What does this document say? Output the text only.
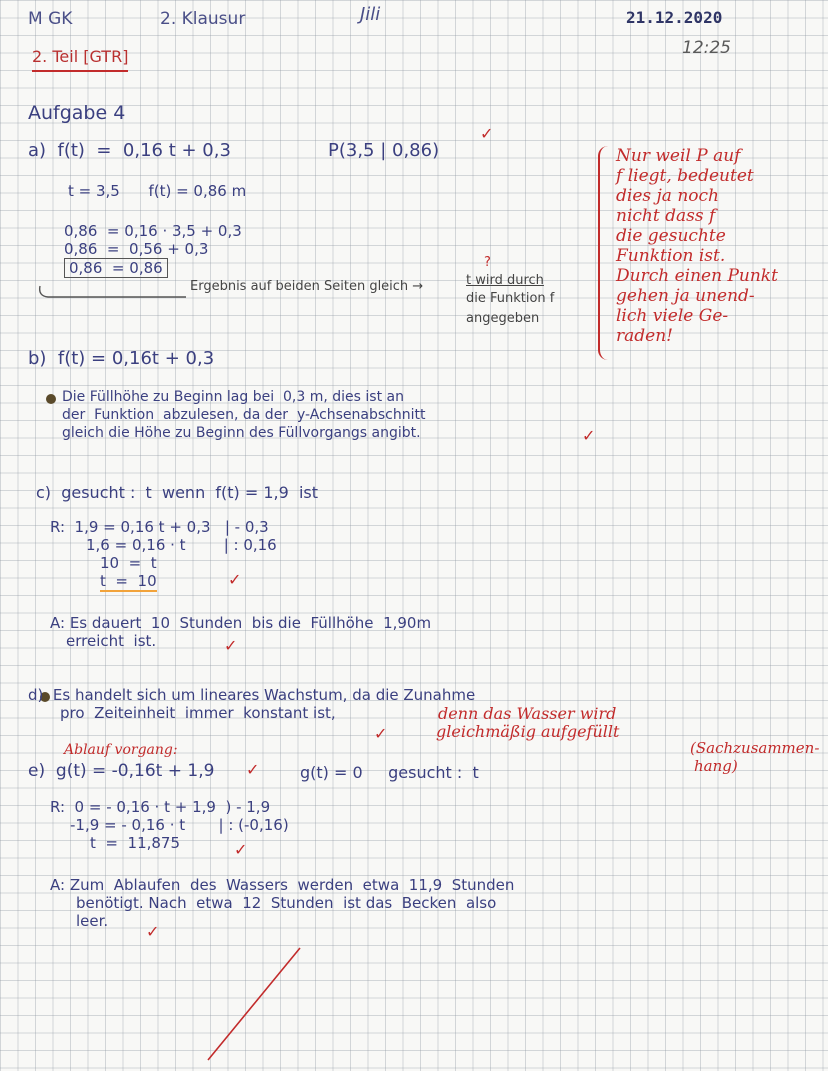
M GK	2. Klausur	Jili	21.12.2020
12:25
2. Teil [GTR]
Aufgabe 4
a)  f(t)  =  0,16 t + 0,3	P(3,5 | 0,86)
✓
t = 3,5      f(t) = 0,86 m
0,86  = 0,16 · 3,5 + 0,3
0,86  =  0,56 + 0,3
0,86  = 0,86
Ergebnis auf beiden Seiten gleich →	t wird durch
die Funktion f
angegeben
?
Nur weil P auf
f liegt, bedeutet
dies ja noch
nicht dass f
die gesuchte
Funktion ist.
Durch einen Punkt
gehen ja unend-
lich viele Ge-
raden!
b)  f(t) = 0,16t + 0,3
Die Füllhöhe zu Beginn lag bei  0,3 m, dies ist an
der  Funktion  abzulesen, da der  y-Achsenabschnitt
gleich die Höhe zu Beginn des Füllvorgangs angibt.	✓
c)  gesucht :  t  wenn  f(t) = 1,9  ist
R:  1,9 = 0,16 t + 0,3   | - 0,3
1,6 = 0,16 · t        | : 0,16
10  =  t
t  =  10	✓
A: Es dauert  10  Stunden  bis die  Füllhöhe  1,90m
erreicht  ist.	✓
d)  Es handelt sich um lineares Wachstum, da die Zunahme
pro  Zeiteinheit  immer  konstant ist,
✓
denn das Wasser wird
gleichmäßig aufgefüllt
(Sachzusammen-
hang)
Ablauf vorgang:
e)  g(t) = -0,16t + 1,9 ✓	g(t) = 0     gesucht :  t
R:  0 = - 0,16 · t + 1,9  ) - 1,9
-1,9 = - 0,16 · t       | : (-0,16)
t  =  11,875	✓
A: Zum  Ablaufen  des  Wassers  werden  etwa  11,9  Stunden
benötigt. Nach  etwa  12  Stunden  ist das  Becken  also
leer.
✓
